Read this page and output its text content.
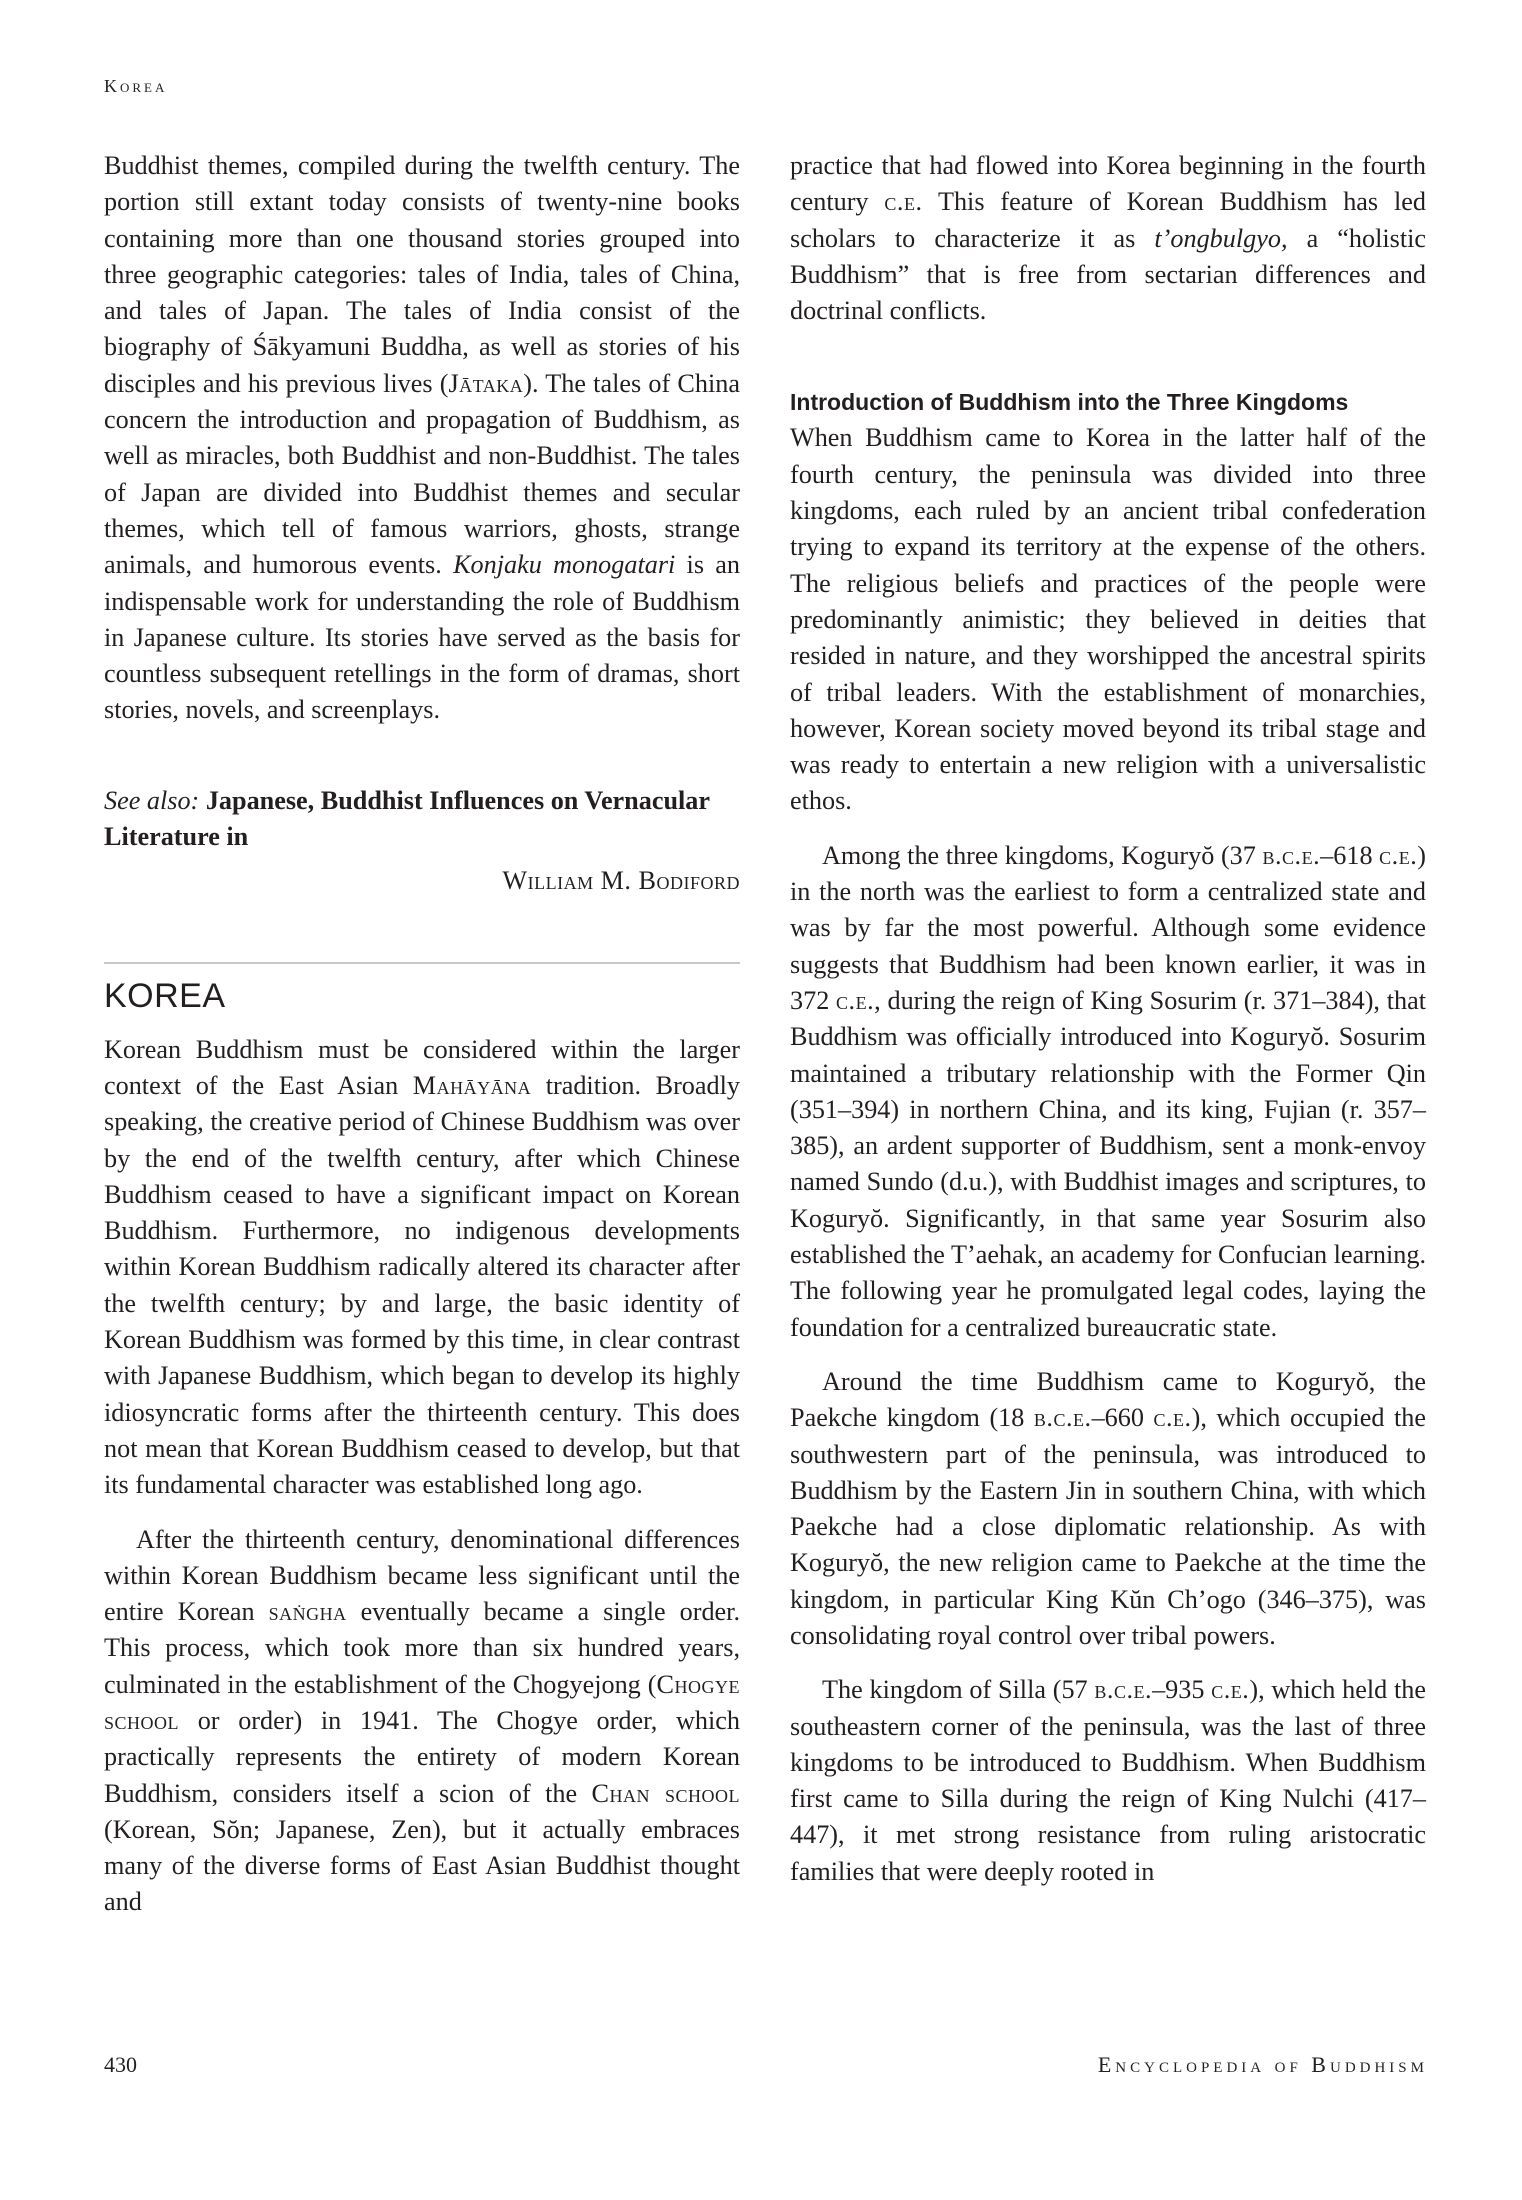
Korea

Buddhist themes, compiled during the twelfth century. The portion still extant today consists of twenty-nine books containing more than one thousand stories grouped into three geographic categories: tales of India, tales of China, and tales of Japan. The tales of India consist of the biography of Śākyamuni Buddha, as well as stories of his disciples and his previous lives (Jātaka). The tales of China concern the introduction and propagation of Buddhism, as well as miracles, both Buddhist and non-Buddhist. The tales of Japan are divided into Buddhist themes and secular themes, which tell of famous warriors, ghosts, strange animals, and humorous events. Konjaku monogatari is an indispensable work for understanding the role of Buddhism in Japanese culture. Its stories have served as the basis for countless subsequent retellings in the form of dramas, short stories, novels, and screenplays.

See also: Japanese, Buddhist Influences on Vernacular Literature in

William M. Bodiford

KOREA

Korean Buddhism must be considered within the larger context of the East Asian Mahāyāna tradition. Broadly speaking, the creative period of Chinese Buddhism was over by the end of the twelfth century, after which Chinese Buddhism ceased to have a significant impact on Korean Buddhism. Furthermore, no indigenous developments within Korean Buddhism radically altered its character after the twelfth century; by and large, the basic identity of Korean Buddhism was formed by this time, in clear contrast with Japanese Buddhism, which began to develop its highly idiosyncratic forms after the thirteenth century. This does not mean that Korean Buddhism ceased to develop, but that its fundamental character was established long ago.

After the thirteenth century, denominational differences within Korean Buddhism became less significant until the entire Korean saṅgha eventually became a single order. This process, which took more than six hundred years, culminated in the establishment of the Chogyejong (Chogye school or order) in 1941. The Chogye order, which practically represents the entirety of modern Korean Buddhism, considers itself a scion of the Chan school (Korean, Sŏn; Japanese, Zen), but it actually embraces many of the diverse forms of East Asian Buddhist thought and

practice that had flowed into Korea beginning in the fourth century c.e. This feature of Korean Buddhism has led scholars to characterize it as t’ongbulgyo, a “holistic Buddhism” that is free from sectarian differences and doctrinal conflicts.

Introduction of Buddhism into the Three Kingdoms

When Buddhism came to Korea in the latter half of the fourth century, the peninsula was divided into three kingdoms, each ruled by an ancient tribal confederation trying to expand its territory at the expense of the others. The religious beliefs and practices of the people were predominantly animistic; they believed in deities that resided in nature, and they worshipped the ancestral spirits of tribal leaders. With the establishment of monarchies, however, Korean society moved beyond its tribal stage and was ready to entertain a new religion with a universalistic ethos.

Among the three kingdoms, Koguryŏ (37 b.c.e.–618 c.e.) in the north was the earliest to form a centralized state and was by far the most powerful. Although some evidence suggests that Buddhism had been known earlier, it was in 372 c.e., during the reign of King Sosurim (r. 371–384), that Buddhism was officially introduced into Koguryŏ. Sosurim maintained a tributary relationship with the Former Qin (351–394) in northern China, and its king, Fujian (r. 357–385), an ardent supporter of Buddhism, sent a monk-envoy named Sundo (d.u.), with Buddhist images and scriptures, to Koguryŏ. Significantly, in that same year Sosurim also established the T’aehak, an academy for Confucian learning. The following year he promulgated legal codes, laying the foundation for a centralized bureaucratic state.

Around the time Buddhism came to Koguryŏ, the Paekche kingdom (18 b.c.e.–660 c.e.), which occupied the southwestern part of the peninsula, was introduced to Buddhism by the Eastern Jin in southern China, with which Paekche had a close diplomatic relationship. As with Koguryŏ, the new religion came to Paekche at the time the kingdom, in particular King Kŭn Ch’ogo (346–375), was consolidating royal control over tribal powers.

The kingdom of Silla (57 b.c.e.–935 c.e.), which held the southeastern corner of the peninsula, was the last of three kingdoms to be introduced to Buddhism. When Buddhism first came to Silla during the reign of King Nulchi (417–447), it met strong resistance from ruling aristocratic families that were deeply rooted in

430	Encyclopedia of Buddhism
